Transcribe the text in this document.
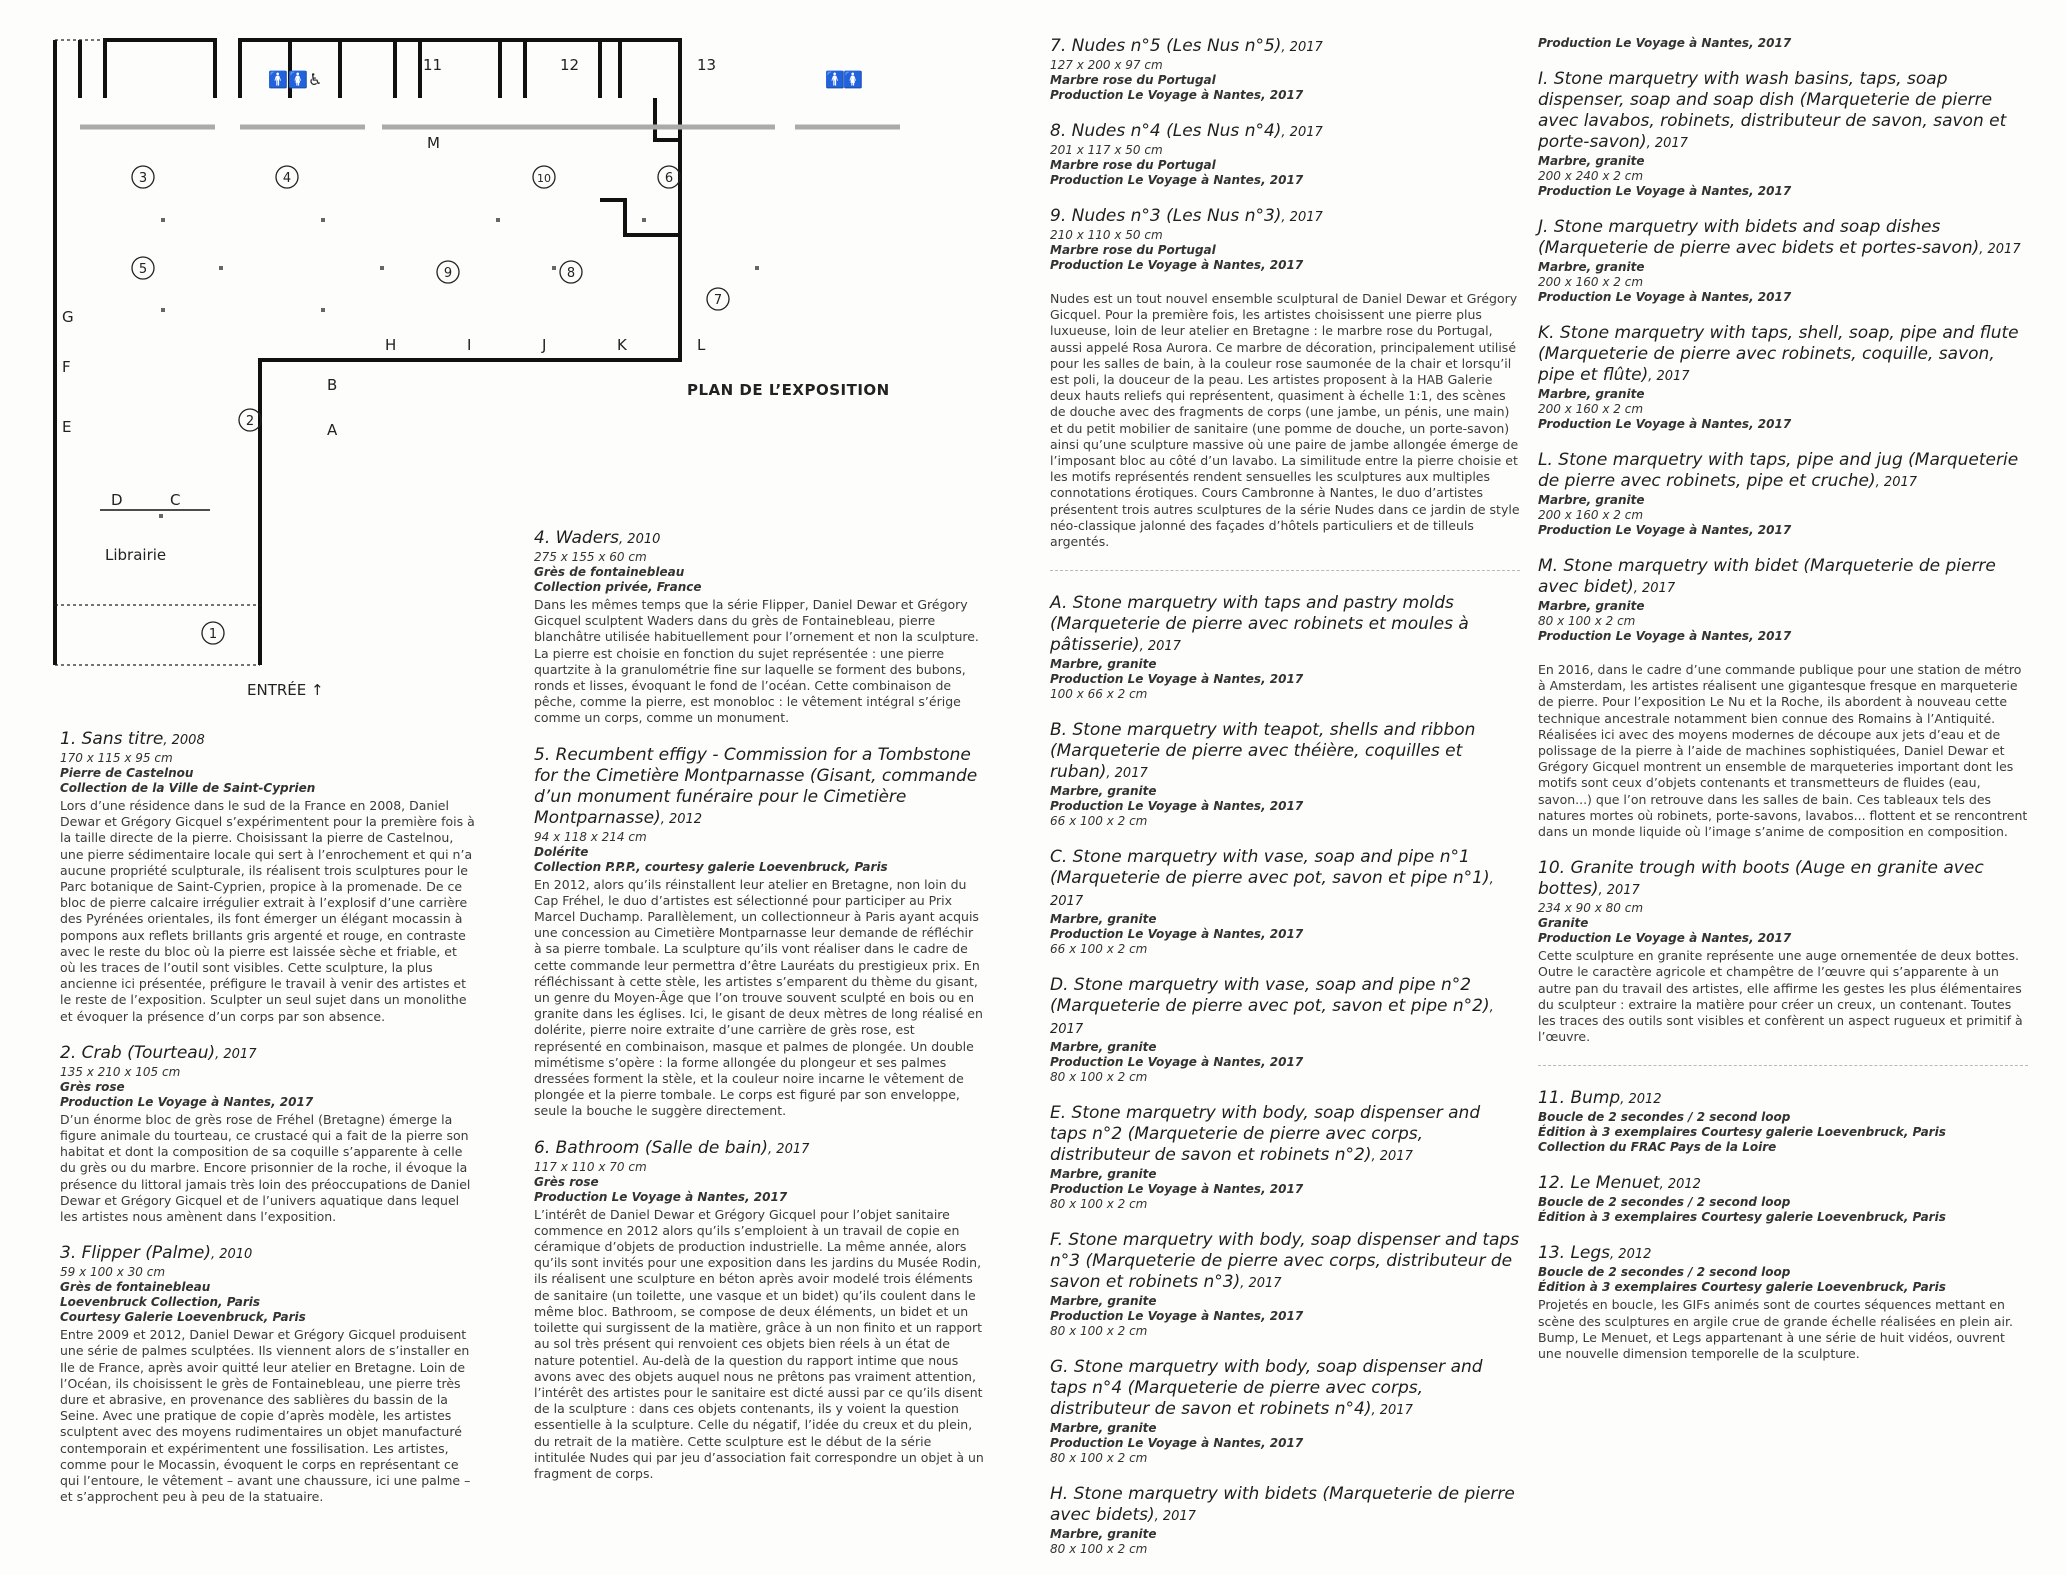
11	12	13
A
B
C
D
E
F
G
H	I	J	K	L
M
1
2
3	4
5
6
7
8
9
10
🚹 🚺 ♿	🚹
🚺
Librairie
PLAN DE L’EXPOSITION
ENTRÉE ↑
1. Sans titre, 2008
170 x 115 x 95 cm
Pierre de Castelnou
Collection de la Ville de Saint-Cyprien
Lors d’une résidence dans le sud de la France en 2008, Daniel Dewar et Grégory Gicquel s’expérimentent pour la première fois à la taille directe de la pierre. Choisissant la pierre de Castelnou, une pierre sédimentaire locale qui sert à l’enrochement et qui n’a aucune propriété sculpturale, ils réalisent trois sculptures pour le Parc botanique de Saint-Cyprien, propice à la promenade. De ce bloc de pierre calcaire irrégulier extrait à l’explosif d’une carrière des Pyrénées orientales, ils font émerger un élégant mocassin à pompons aux reflets brillants gris argenté et rouge, en contraste avec le reste du bloc où la pierre est laissée sèche et friable, et où les traces de l’outil sont visibles. Cette sculpture, la plus ancienne ici présentée, préfigure le travail à venir des artistes et le reste de l’exposition. Sculpter un seul sujet dans un monolithe et évoquer la présence d’un corps par son absence.
2. Crab (Tourteau), 2017
135 x 210 x 105 cm
Grès rose
Production Le Voyage à Nantes, 2017
D’un énorme bloc de grès rose de Fréhel (Bretagne) émerge la figure animale du tourteau, ce crustacé qui a fait de la pierre son habitat et dont la composition de sa coquille s’apparente à celle du grès ou du marbre. Encore prisonnier de la roche, il évoque la présence du littoral jamais très loin des préoccupations de Daniel Dewar et Grégory Gicquel et de l’univers aquatique dans lequel les artistes nous amènent dans l’exposition.
3. Flipper (Palme), 2010
59 x 100 x 30 cm
Grès de fontainebleau
Loevenbruck Collection, Paris
Courtesy Galerie Loevenbruck, Paris
Entre 2009 et 2012, Daniel Dewar et Grégory Gicquel produisent une série de palmes sculptées. Ils viennent alors de s’installer en Ile de France, après avoir quitté leur atelier en Bretagne. Loin de l’Océan, ils choisissent le grès de Fontainebleau, une pierre très dure et abrasive, en provenance des sablières du bassin de la Seine. Avec une pratique de copie d’après modèle, les artistes sculptent avec des moyens rudimentaires un objet manufacturé contemporain et expérimentent une fossilisation. Les artistes, comme pour le Mocassin, évoquent le corps en représentant ce qui l’entoure, le vêtement – avant une chaussure, ici une palme – et s’approchent peu à peu de la statuaire.
4. Waders, 2010
275 x 155 x 60 cm
Grès de fontainebleau
Collection privée, France
Dans les mêmes temps que la série Flipper, Daniel Dewar et Grégory Gicquel sculptent Waders dans du grès de Fontainebleau, pierre blanchâtre utilisée habituellement pour l’ornement et non la sculpture. La pierre est choisie en fonction du sujet représentée : une pierre quartzite à la granulométrie fine sur laquelle se forment des bubons, ronds et lisses, évoquant le fond de l’océan. Cette combinaison de pêche, comme la pierre, est monobloc : le vêtement intégral s’érige comme un corps, comme un monument.
5. Recumbent effigy - Commission for a Tombstone for the Cimetière Montparnasse (Gisant, commande d’un monument funéraire pour le Cimetière Montparnasse), 2012
94 x 118 x 214 cm
Dolérite
Collection P.P.P., courtesy galerie Loevenbruck, Paris
En 2012, alors qu’ils réinstallent leur atelier en Bretagne, non loin du Cap Fréhel, le duo d’artistes est sélectionné pour participer au Prix Marcel Duchamp. Parallèlement, un collectionneur à Paris ayant acquis une concession au Cimetière Montparnasse leur demande de réfléchir à sa pierre tombale. La sculpture qu’ils vont réaliser dans le cadre de cette commande leur permettra d’être Lauréats du prestigieux prix. En réfléchissant à cette stèle, les artistes s’emparent du thème du gisant, un genre du Moyen-Âge que l’on trouve souvent sculpté en bois ou en granite dans les églises. Ici, le gisant de deux mètres de long réalisé en dolérite, pierre noire extraite d’une carrière de grès rose, est représenté en combinaison, masque et palmes de plongée. Un double mimétisme s’opère : la forme allongée du plongeur et ses palmes dressées forment la stèle, et la couleur noire incarne le vêtement de plongée et la pierre tombale. Le corps est figuré par son enveloppe, seule la bouche le suggère directement.
6. Bathroom (Salle de bain), 2017
117 x 110 x 70 cm
Grès rose
Production Le Voyage à Nantes, 2017
L’intérêt de Daniel Dewar et Grégory Gicquel pour l’objet sanitaire commence en 2012 alors qu’ils s’emploient à un travail de copie en céramique d’objets de production industrielle. La même année, alors qu’ils sont invités pour une exposition dans les jardins du Musée Rodin, ils réalisent une sculpture en béton après avoir modelé trois éléments de sanitaire (un toilette, une vasque et un bidet) qu’ils coulent dans le même bloc. Bathroom, se compose de deux éléments, un bidet et un toilette qui surgissent de la matière, grâce à un non finito et un rapport au sol très présent qui renvoient ces objets bien réels à un état de nature potentiel. Au-delà de la question du rapport intime que nous avons avec des objets auquel nous ne prêtons pas vraiment attention, l’intérêt des artistes pour le sanitaire est dicté aussi par ce qu’ils disent de la sculpture : dans ces objets contenants, ils y voient la question essentielle à la sculpture. Celle du négatif, l’idée du creux et du plein, du retrait de la matière. Cette sculpture est le début de la série intitulée Nudes qui par jeu d’association fait correspondre un objet à un fragment de corps.
7. Nudes n°5 (Les Nus n°5), 2017
127 x 200 x 97 cm
Marbre rose du Portugal
Production Le Voyage à Nantes, 2017
8. Nudes n°4 (Les Nus n°4), 2017
201 x 117 x 50 cm
Marbre rose du Portugal
Production Le Voyage à Nantes, 2017
9. Nudes n°3 (Les Nus n°3), 2017
210 x 110 x 50 cm
Marbre rose du Portugal
Production Le Voyage à Nantes, 2017
Nudes est un tout nouvel ensemble sculptural de Daniel Dewar et Grégory Gicquel. Pour la première fois, les artistes choisissent une pierre plus luxueuse, loin de leur atelier en Bretagne : le marbre rose du Portugal, aussi appelé Rosa Aurora. Ce marbre de décoration, principalement utilisé pour les salles de bain, à la couleur rose saumonée de la chair et lorsqu’il est poli, la douceur de la peau. Les artistes proposent à la HAB Galerie deux hauts reliefs qui représentent, quasiment à échelle 1:1, des scènes de douche avec des fragments de corps (une jambe, un pénis, une main) et du petit mobilier de sanitaire (une pomme de douche, un porte-savon) ainsi qu’une sculpture massive où une paire de jambe allongée émerge de l’imposant bloc au côté d’un lavabo. La similitude entre la pierre choisie et les motifs représentés rendent sensuelles les sculptures aux multiples connotations érotiques. Cours Cambronne à Nantes, le duo d’artistes présentent trois autres sculptures de la série Nudes dans ce jardin de style néo-classique jalonné des façades d’hôtels particuliers et de tilleuls argentés.
A. Stone marquetry with taps and pastry molds (Marqueterie de pierre avec robinets et moules à pâtisserie), 2017
Marbre, granite
Production Le Voyage à Nantes, 2017
100 x 66 x 2 cm
B. Stone marquetry with teapot, shells and ribbon (Marqueterie de pierre avec théière, coquilles et ruban), 2017
Marbre, granite
Production Le Voyage à Nantes, 2017
66 x 100 x 2 cm
C. Stone marquetry with vase, soap and pipe n°1 (Marqueterie de pierre avec pot, savon et pipe n°1), 2017
Marbre, granite
Production Le Voyage à Nantes, 2017
66 x 100 x 2 cm
D. Stone marquetry with vase, soap and pipe n°2 (Marqueterie de pierre avec pot, savon et pipe n°2), 2017
Marbre, granite
Production Le Voyage à Nantes, 2017
80 x 100 x 2 cm
E. Stone marquetry with body, soap dispenser and taps n°2 (Marqueterie de pierre avec corps, distributeur de savon et robinets n°2), 2017
Marbre, granite
Production Le Voyage à Nantes, 2017
80 x 100 x 2 cm
F. Stone marquetry with body, soap dispenser and taps n°3 (Marqueterie de pierre avec corps, distributeur de savon et robinets n°3), 2017
Marbre, granite
Production Le Voyage à Nantes, 2017
80 x 100 x 2 cm
G. Stone marquetry with body, soap dispenser and taps n°4 (Marqueterie de pierre avec corps, distributeur de savon et robinets n°4), 2017
Marbre, granite
Production Le Voyage à Nantes, 2017
80 x 100 x 2 cm
H. Stone marquetry with bidets (Marqueterie de pierre avec bidets), 2017
Marbre, granite
80 x 100 x 2 cm
Production Le Voyage à Nantes, 2017
I. Stone marquetry with wash basins, taps, soap dispenser, soap and soap dish (Marqueterie de pierre avec lavabos, robinets, distributeur de savon, savon et porte-savon), 2017
Marbre, granite
200 x 240 x 2 cm
Production Le Voyage à Nantes, 2017
J. Stone marquetry with bidets and soap dishes (Marqueterie de pierre avec bidets et portes-savon), 2017
Marbre, granite
200 x 160 x 2 cm
Production Le Voyage à Nantes, 2017
K. Stone marquetry with taps, shell, soap, pipe and flute (Marqueterie de pierre avec robinets, coquille, savon, pipe et flûte), 2017
Marbre, granite
200 x 160 x 2 cm
Production Le Voyage à Nantes, 2017
L. Stone marquetry with taps, pipe and jug (Marqueterie de pierre avec robinets, pipe et cruche), 2017
Marbre, granite
200 x 160 x 2 cm
Production Le Voyage à Nantes, 2017
M. Stone marquetry with bidet (Marqueterie de pierre avec bidet), 2017
Marbre, granite
80 x 100 x 2 cm
Production Le Voyage à Nantes, 2017
En 2016, dans le cadre d’une commande publique pour une station de métro à Amsterdam, les artistes réalisent une gigantesque fresque en marqueterie de pierre. Pour l’exposition Le Nu et la Roche, ils abordent à nouveau cette technique ancestrale notamment bien connue des Romains à l’Antiquité. Réalisées ici avec des moyens modernes de découpe aux jets d’eau et de polissage de la pierre à l’aide de machines sophistiquées, Daniel Dewar et Grégory Gicquel montrent un ensemble de marqueteries important dont les motifs sont ceux d’objets contenants et transmetteurs de fluides (eau, savon...) que l’on retrouve dans les salles de bain. Ces tableaux tels des natures mortes où robinets, porte-savons, lavabos... flottent et se rencontrent dans un monde liquide où l’image s’anime de composition en composition.
10. Granite trough with boots (Auge en granite avec bottes), 2017
234 x 90 x 80 cm
Granite
Production Le Voyage à Nantes, 2017
Cette sculpture en granite représente une auge ornementée de deux bottes. Outre le caractère agricole et champêtre de l’œuvre qui s’apparente à un autre pan du travail des artistes, elle affirme les gestes les plus élémentaires du sculpteur : extraire la matière pour créer un creux, un contenant. Toutes les traces des outils sont visibles et confèrent un aspect rugueux et primitif à l’œuvre.
11. Bump, 2012
Boucle de 2 secondes / 2 second loop
Édition à 3 exemplaires Courtesy galerie Loevenbruck, Paris
Collection du FRAC Pays de la Loire
12. Le Menuet, 2012
Boucle de 2 secondes / 2 second loop
Édition à 3 exemplaires Courtesy galerie Loevenbruck, Paris
13. Legs, 2012
Boucle de 2 secondes / 2 second loop
Édition à 3 exemplaires Courtesy galerie Loevenbruck, Paris
Projetés en boucle, les GIFs animés sont de courtes séquences mettant en scène des sculptures en argile crue de grande échelle réalisées en plein air. Bump, Le Menuet, et Legs appartenant à une série de huit vidéos, ouvrent une nouvelle dimension temporelle de la sculpture.
